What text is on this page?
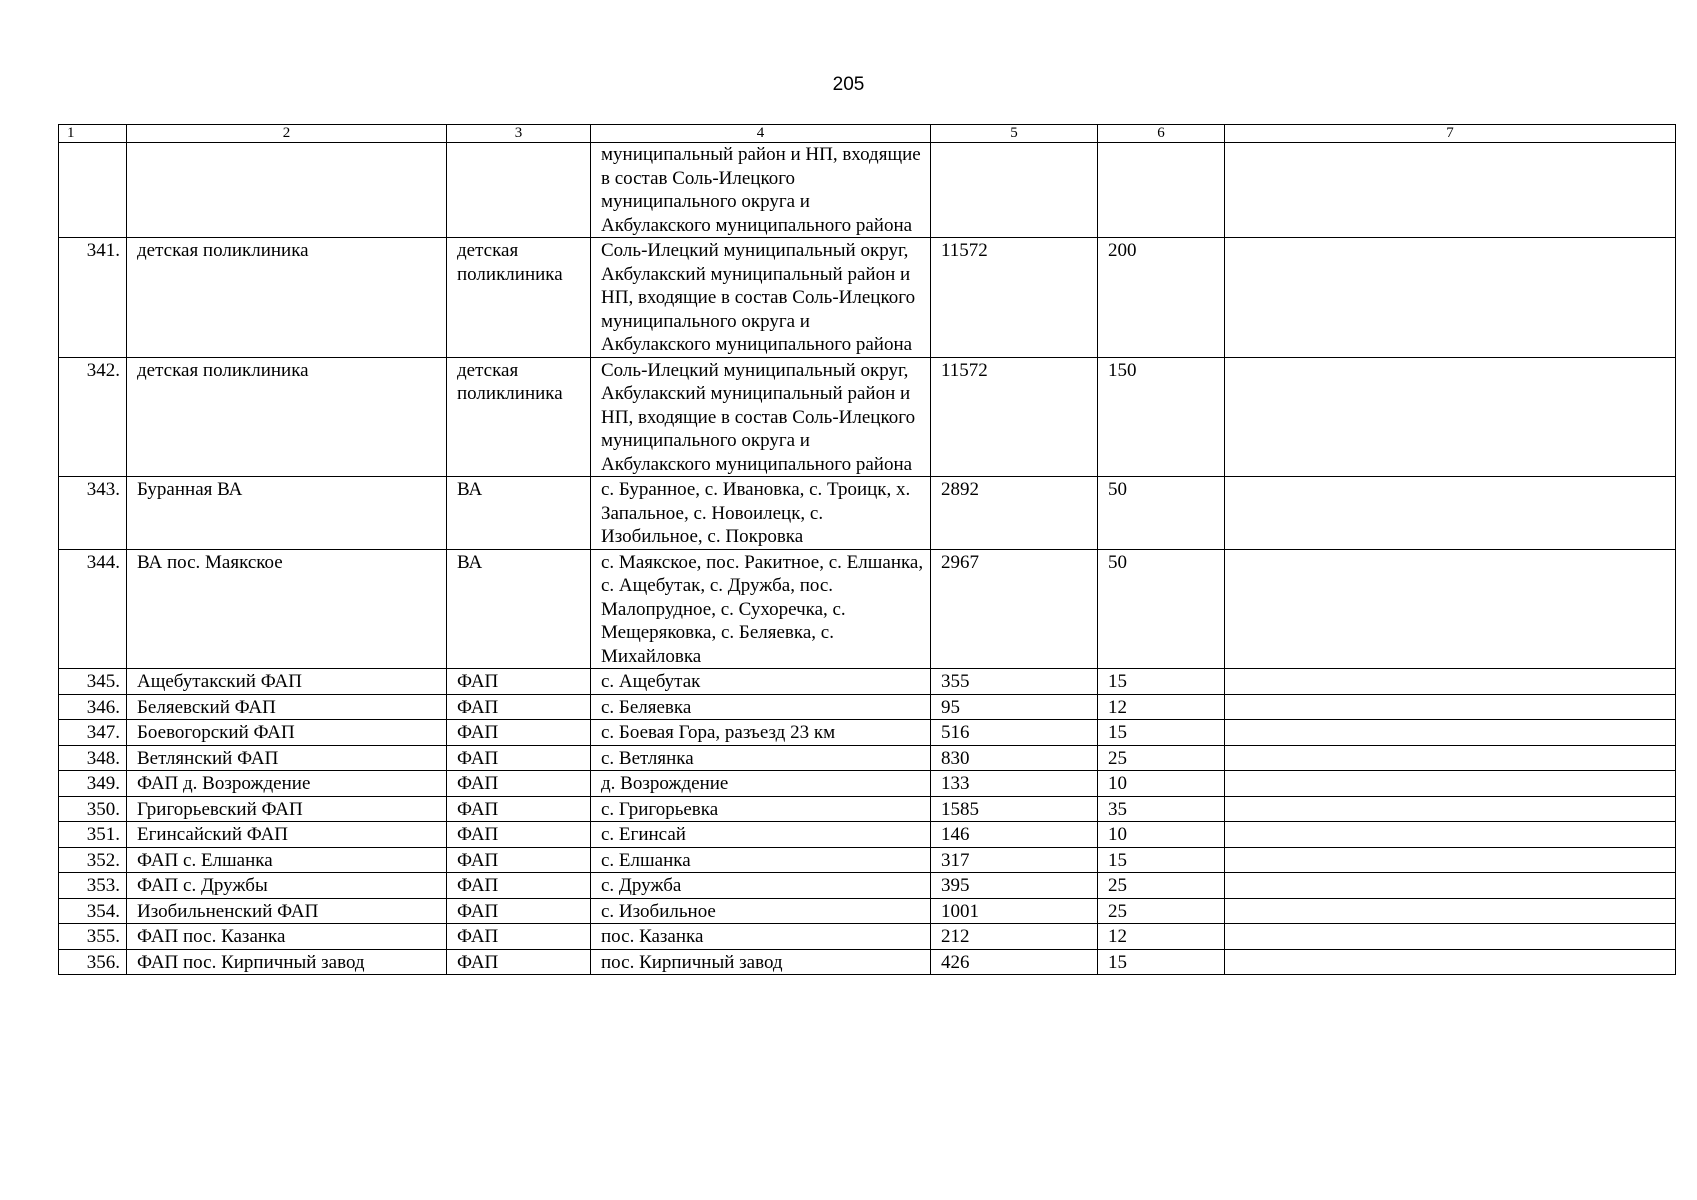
205
1	2	3	4	5	6	7
			муниципальный район и НП, входящие в состав Соль-Илецкого муниципального округа и Акбулакского муниципального района			
341.	детская поликлиника	детская поликлиника	Соль-Илецкий муниципальный округ, Акбулакский муниципальный район и НП, входящие в состав Соль-Илецкого муниципального округа и Акбулакского муниципального района	11572	200	
342.	детская поликлиника	детская поликлиника	Соль-Илецкий муниципальный округ, Акбулакский муниципальный район и НП, входящие в состав Соль-Илецкого муниципального округа и Акбулакского муниципального района	11572	150	
343.	Буранная ВА	ВА	с. Буранное, с. Ивановка, с. Троицк, х. Запальное, с. Новоилецк, с. Изобильное, с. Покровка	2892	50	
344.	ВА пос. Маякское	ВА	с. Маякское, пос. Ракитное, с. Елшанка, с. Ащебутак, с. Дружба, пос. Малопрудное, с. Сухоречка, с. Мещеряковка, с. Беляевка, с. Михайловка	2967	50	
345.	Ащебутакский ФАП	ФАП	с. Ащебутак	355	15	
346.	Беляевский ФАП	ФАП	с. Беляевка	95	12	
347.	Боевогорский ФАП	ФАП	с. Боевая Гора, разъезд 23 км	516	15	
348.	Ветлянский ФАП	ФАП	с. Ветлянка	830	25	
349.	ФАП д. Возрождение	ФАП	д. Возрождение	133	10	
350.	Григорьевский ФАП	ФАП	с. Григорьевка	1585	35	
351.	Егинсайский ФАП	ФАП	с. Егинсай	146	10	
352.	ФАП с. Елшанка	ФАП	с. Елшанка	317	15	
353.	ФАП с. Дружбы	ФАП	с. Дружба	395	25	
354.	Изобильненский ФАП	ФАП	с. Изобильное	1001	25	
355.	ФАП пос. Казанка	ФАП	пос. Казанка	212	12	
356.	ФАП пос. Кирпичный завод	ФАП	пос. Кирпичный завод	426	15	
